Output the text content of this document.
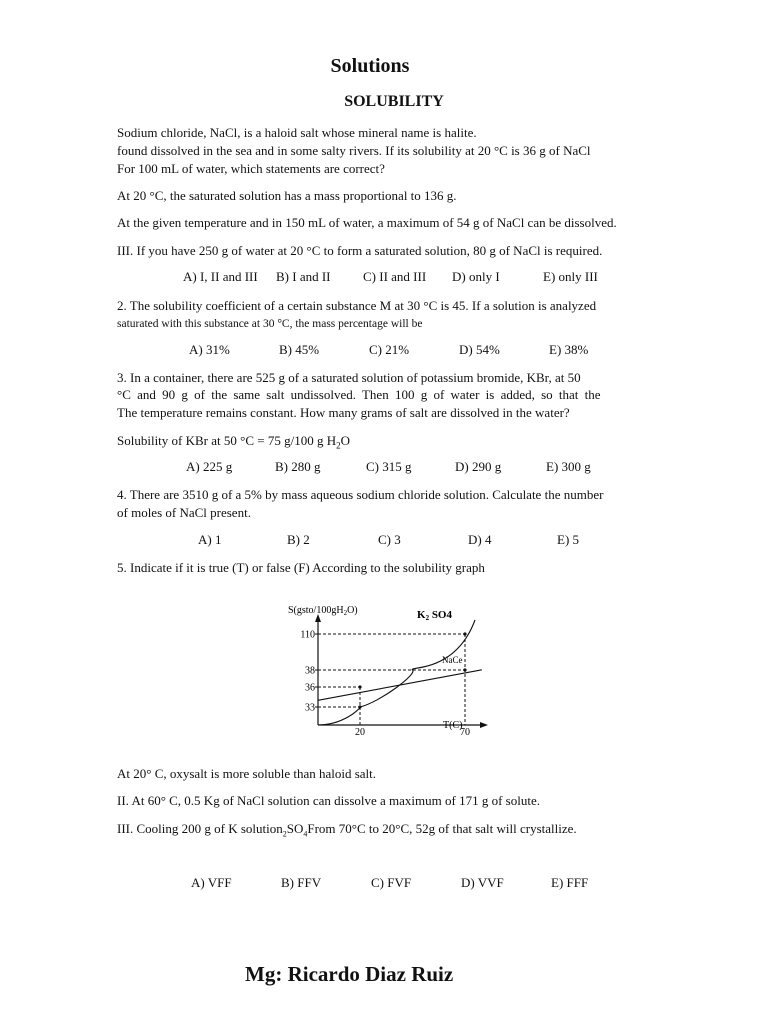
Solutions
SOLUBILITY
Sodium chloride, NaCl, is a haloid salt whose mineral name is halite.
found dissolved in the sea and in some salty rivers. If its solubility at 20 °C is 36 g of NaCl
For 100 mL of water, which statements are correct?
At 20 °C, the saturated solution has a mass proportional to 136 g.
At the given temperature and in 150 mL of water, a maximum of 54 g of NaCl can be dissolved.
III. If you have 250 g of water at 20 °C to form a saturated solution, 80 g of NaCl is required.
A) I, II and III B) I and II C) II and III D) only I	E) only III
2. The solubility coefficient of a certain substance M at 30 °C is 45. If a solution is analyzed
saturated with this substance at 30 °C, the mass percentage will be
A) 31%	B) 45%	C) 21%	D) 54%	E) 38%
3. In a container, there are 525 g of a saturated solution of potassium bromide, KBr, at 50
°C and 90 g of the same salt undissolved. Then 100 g of water is added, so that the
The temperature remains constant. How many grams of salt are dissolved in the water?
Solubility of KBr at 50 °C = 75 g/100 g $H_2O$
A) 225 g	B) 280 g	C) 315 g	D) 290 g	E) 300 g
4. There are 3510 g of a 5% by mass aqueous sodium chloride solution. Calculate the number
of moles of NaCl present.
A) 1	B) 2	C) 3	D) 4	E) 5
5. Indicate if it is true (T) or false (F) According to the solubility graph
$S(gsto/100gH_2O)$
T(C)
33
36
38
110
20	70
K2 SO4
NaCe
At 20° C, oxysalt is more soluble than haloid salt.
II. At 60° C, 0.5 Kg of NaCl solution can dissolve a maximum of 171 g of solute.
III. Cooling 200 g of K $solution_2SO_4From$ 70°C to 20°C, 52g of that salt will crystallize.
A) VFF	B) FFV	C) FVF	D) VVF	E) FFF
Mg: Ricardo Diaz Ruiz
